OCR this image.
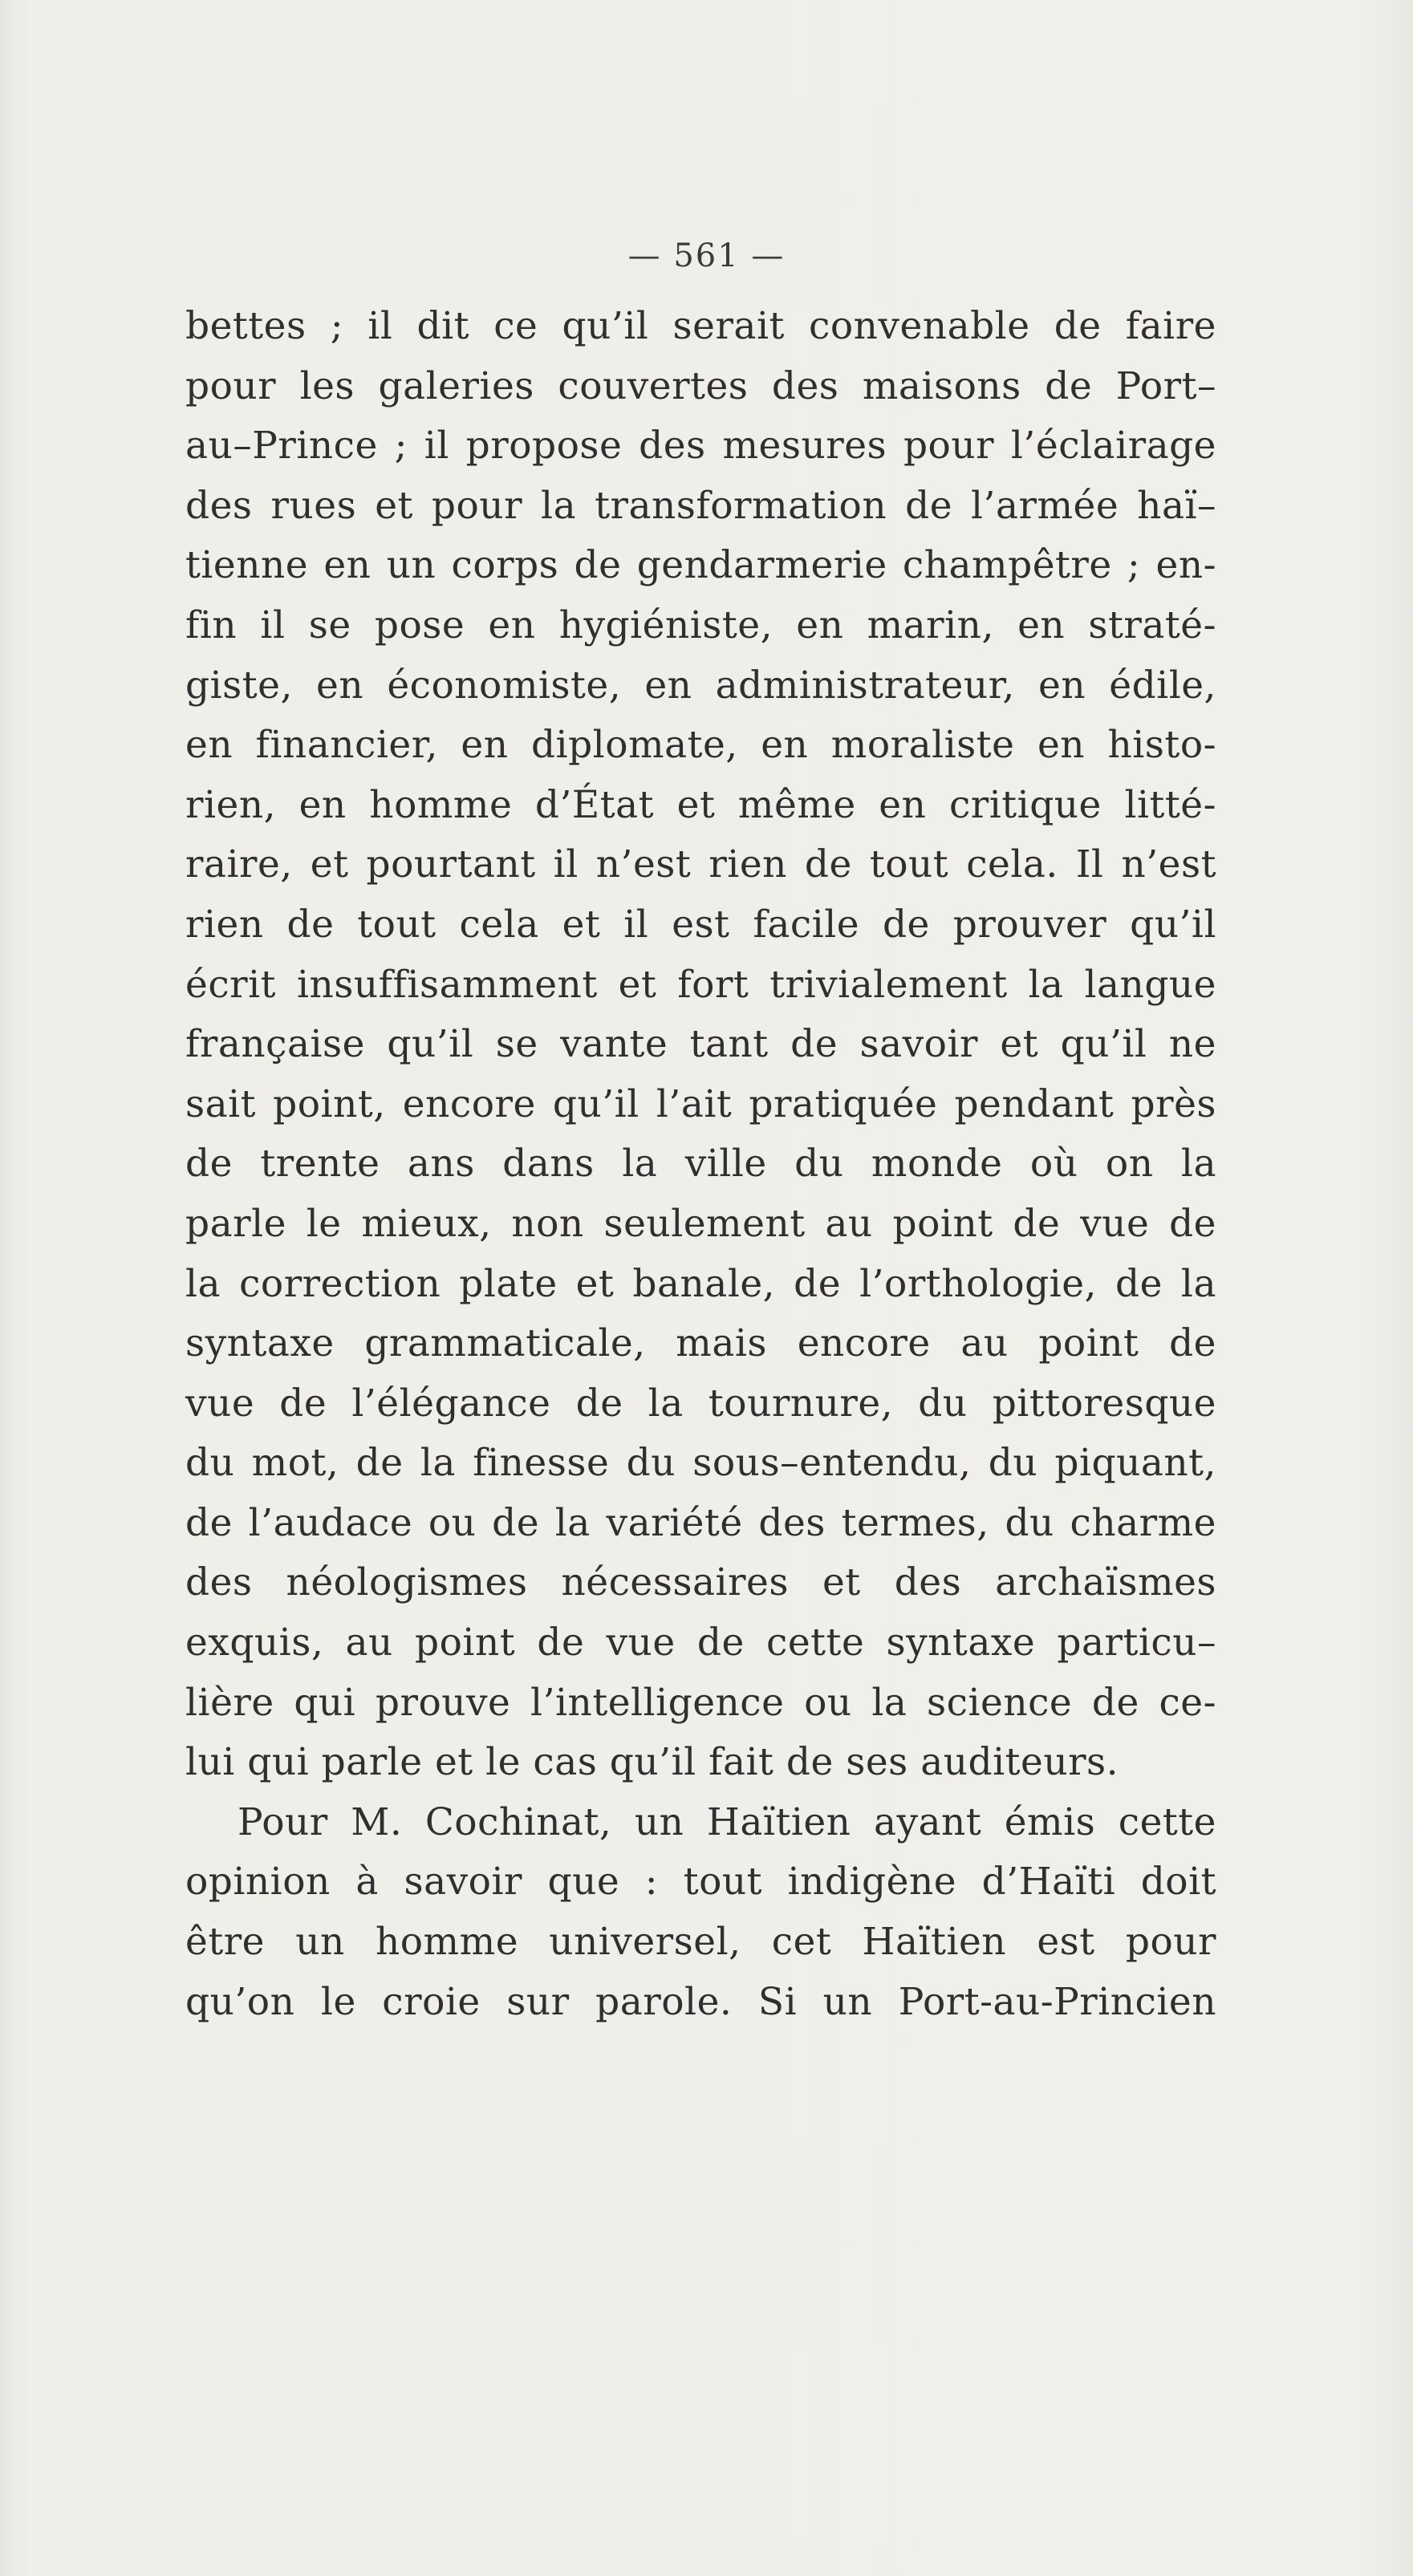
— 561 —
bettes ; il dit ce qu’il serait convenable de faire
pour les galeries couvertes des maisons de Port–
au–Prince ; il propose des mesures pour l’éclairage
des rues et pour la transformation de l’armée haï–
tienne en un corps de gendarmerie champêtre ; en-
fin il se pose en hygiéniste, en marin, en straté-
giste, en économiste, en administrateur, en édile,
en financier, en diplomate, en moraliste en histo-
rien, en homme d’État et même en critique litté-
raire, et pourtant il n’est rien de tout cela. Il n’est
rien de tout cela et il est facile de prouver qu’il
écrit insuffisamment et fort trivialement la langue
française qu’il se vante tant de savoir et qu’il ne
sait point, encore qu’il l’ait pratiquée pendant près
de trente ans dans la ville du monde où on la
parle le mieux, non seulement au point de vue de
la correction plate et banale, de l’orthologie, de la
syntaxe grammaticale, mais encore au point de
vue de l’élégance de la tournure, du pittoresque
du mot, de la finesse du sous–entendu, du piquant,
de l’audace ou de la variété des termes, du charme
des néologismes nécessaires et des archaïsmes
exquis, au point de vue de cette syntaxe particu–
lière qui prouve l’intelligence ou la science de ce-
lui qui parle et le cas qu’il fait de ses auditeurs.
Pour M. Cochinat, un Haïtien ayant émis cette
opinion à savoir que : tout indigène d’Haïti doit
être un homme universel, cet Haïtien est pour
qu’on le croie sur parole. Si un Port-au-Princien
